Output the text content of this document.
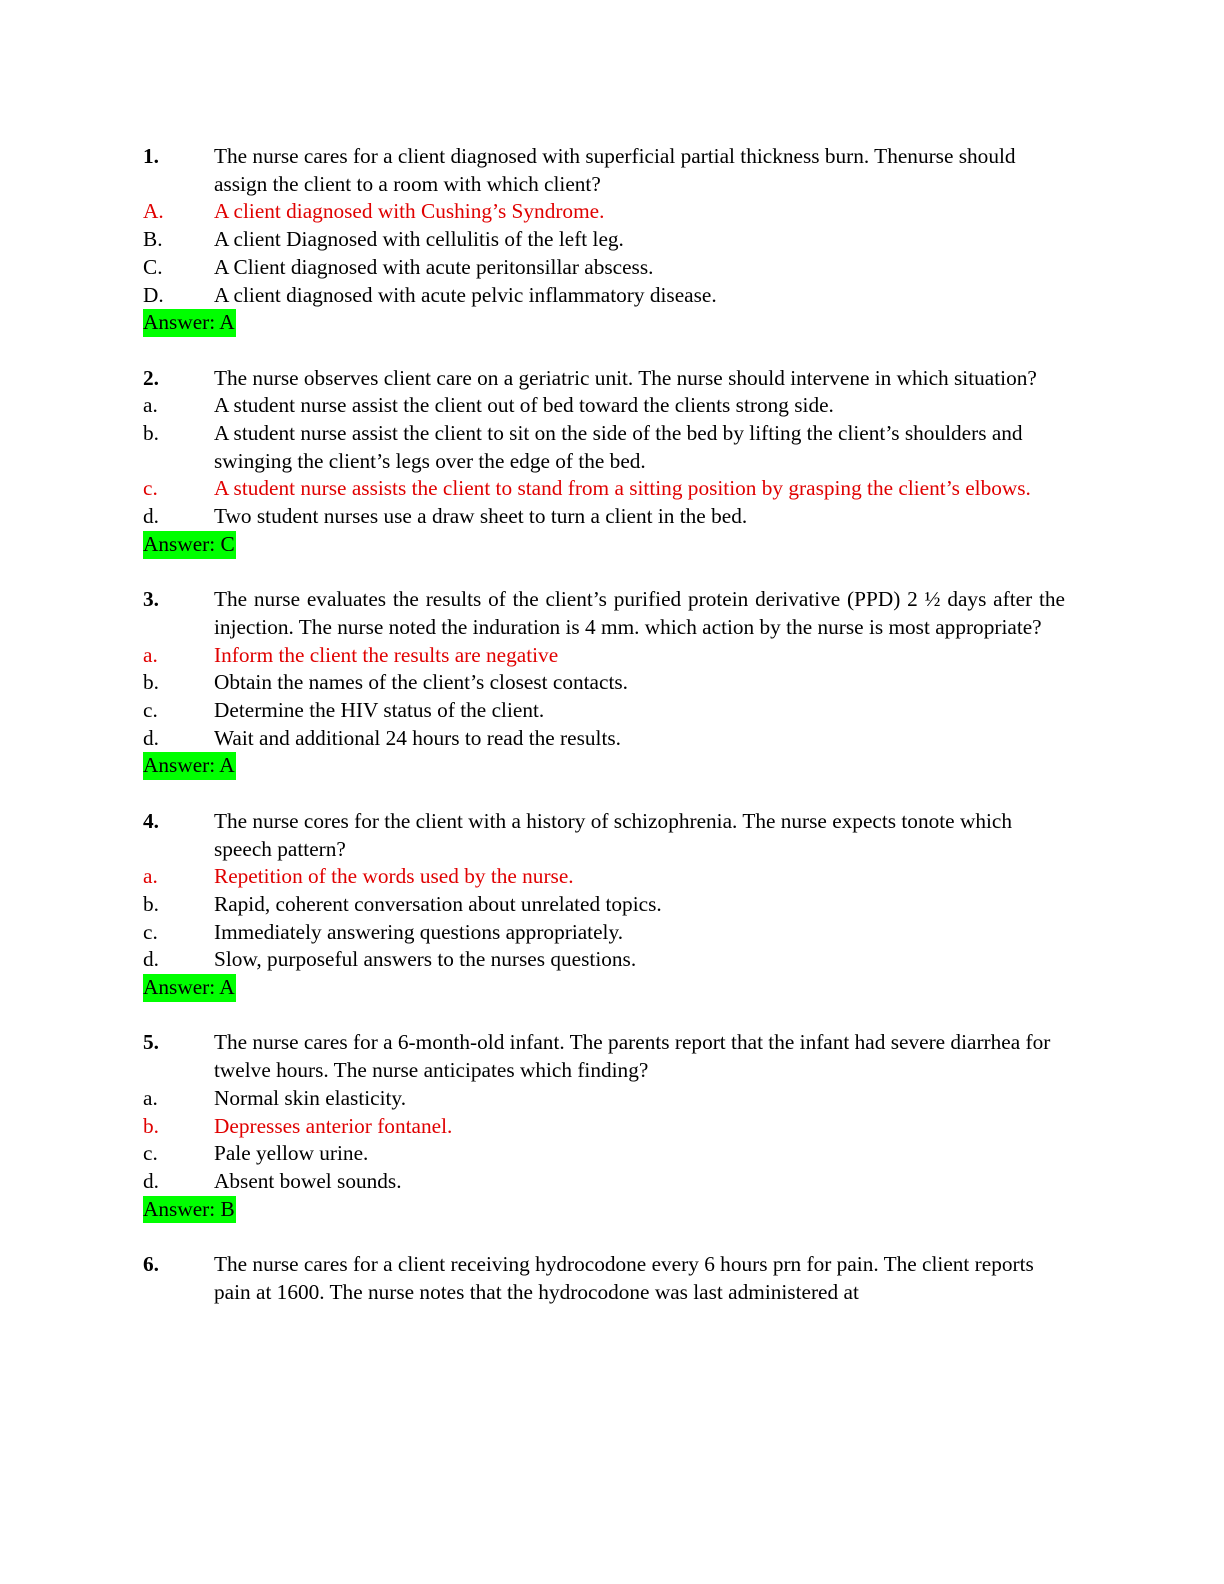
1.	The nurse cares for a client diagnosed with superficial partial thickness burn. Thenurse should assign the client to a room with which client?
A. A client diagnosed with Cushing’s Syndrome.
B. A client Diagnosed with cellulitis of the left leg.
C. A Client diagnosed with acute peritonsillar abscess.
D. A client diagnosed with acute pelvic inflammatory disease.
Answer: A
2.	The nurse observes client care on a geriatric unit. The nurse should intervene in which situation?
a.	A student nurse assist the client out of bed toward the clients strong side.
b.	A student nurse assist the client to sit on the side of the bed by lifting the client’s shoulders and swinging the client’s legs over the edge of the bed.
c.	A student nurse assists the client to stand from a sitting position by grasping the client’s elbows.
d.	Two student nurses use a draw sheet to turn a client in the bed.
Answer: C
3.	The nurse evaluates the results of the client’s purified protein derivative (PPD) 2 ½ days after the injection. The nurse noted the induration is 4 mm. which action by the nurse is most appropriate?
a.	Inform the client the results are negative
b.	Obtain the names of the client’s closest contacts.
c.	Determine the HIV status of the client.
d.	Wait and additional 24 hours to read the results.
Answer: A
4.	The nurse cores for the client with a history of schizophrenia. The nurse expects tonote which speech pattern?
a.	Repetition of the words used by the nurse.
b.	Rapid, coherent conversation about unrelated topics.
c.	Immediately answering questions appropriately.
d.	Slow, purposeful answers to the nurses questions.
Answer: A
5.	The nurse cares for a 6-month-old infant. The parents report that the infant had severe diarrhea for twelve hours. The nurse anticipates which finding?
a.	Normal skin elasticity.
b.	Depresses anterior fontanel.
c.	Pale yellow urine.
d.	Absent bowel sounds.
Answer: B
6.	The nurse cares for a client receiving hydrocodone every 6 hours prn for pain. The client reports pain at 1600. The nurse notes that the hydrocodone was last administered at
